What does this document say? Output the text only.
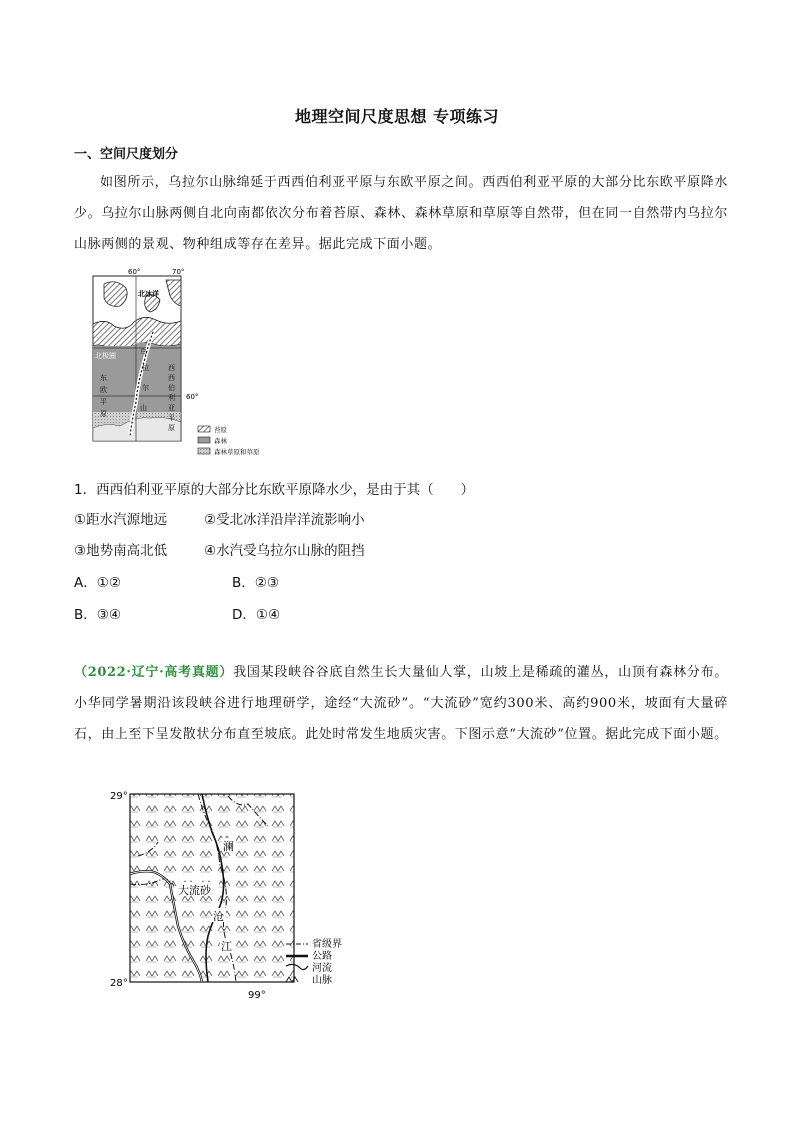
地理空间尺度思想 专项练习
一、空间尺度划分
如图所示，乌拉尔山脉绵延于西西伯利亚平原与东欧平原之间。西西伯利亚平原的大部分比东欧平原降水少。乌拉尔山脉两侧自北向南都依次分布着苔原、森林、森林草原和草原等自然带，但在同一自然带内乌拉尔山脉两侧的景观、物种组成等存在差异。据此完成下面小题。
60°	70°
北冰洋
北极圈
60°
东
欧
平
原
乌
拉
尔
山
西
西
伯
利
亚
平
原	苔原
森林
森林草原和草原
1．西西伯利亚平原的大部分比东欧平原降水少，是由于其（　　）
①距水汽源地远	②受北冰洋沿岸洋流影响小
③地势南高北低	④水汽受乌拉尔山脉的阻挡
A．①②	B．②③
B．③④	D．①④
（2022·辽宁·高考真题）我国某段峡谷谷底自然生长大量仙人掌，山坡上是稀疏的灌丛，山顶有森林分布。小华同学暑期沿该段峡谷进行地理研学，途经“大流砂”。“大流砂”宽约300米、高约900米，坡面有大量碎石，由上至下呈发散状分布直至坡底。此处时常发生地质灾害。下图示意“大流砂”位置。据此完成下面小题。
29°
28°
99°
大流砂
澜
沧
江	省级界
公路
河流
山脉
